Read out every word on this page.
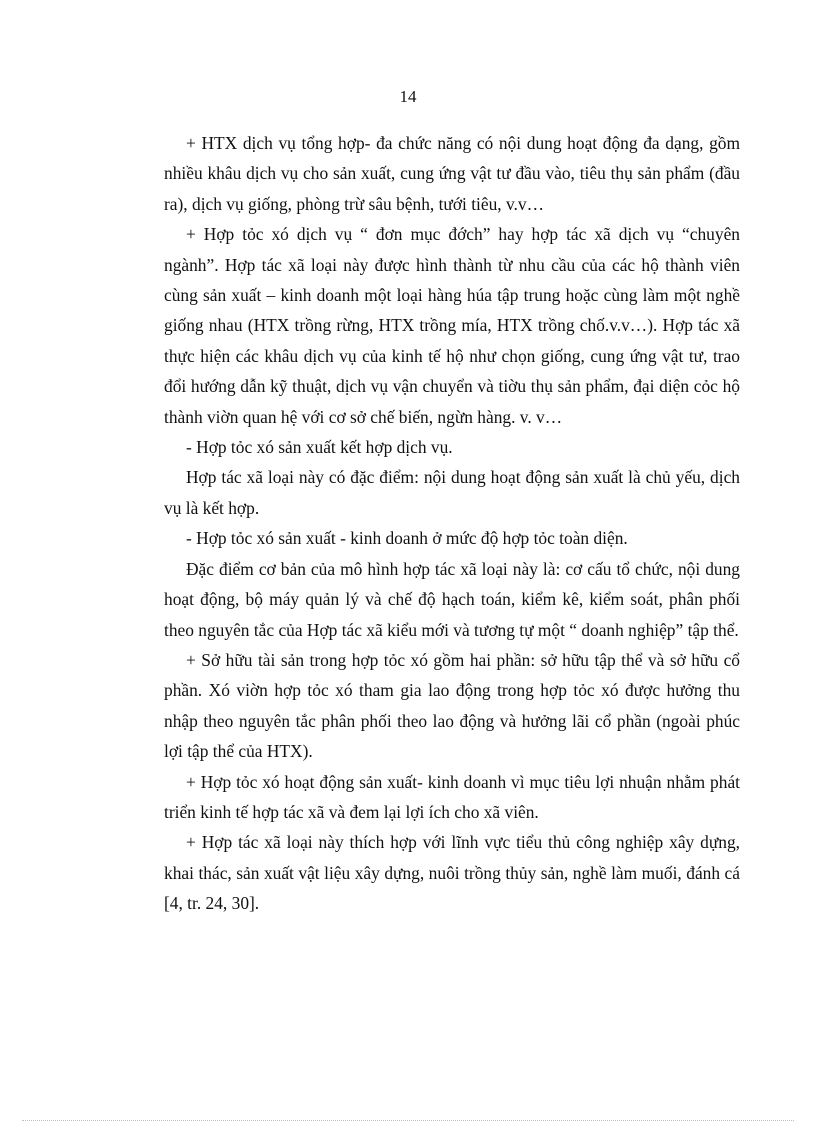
14

+ HTX dịch vụ tổng hợp- đa chức năng có nội dung hoạt động đa dạng, gồm nhiều khâu dịch vụ cho sản xuất, cung ứng vật tư đầu vào, tiêu thụ sản phẩm (đầu ra), dịch vụ giống, phòng trừ sâu bệnh, tưới tiêu, v.v…

+ Hợp tỏc xó dịch vụ “ đơn mục đớch” hay hợp tác xã dịch vụ “chuyên ngành”. Hợp tác xã loại này được hình thành từ nhu cầu của các hộ thành viên cùng sản xuất – kinh doanh một loại hàng húa tập trung hoặc cùng làm một nghề giống nhau (HTX trồng rừng, HTX trồng mía, HTX trồng chố.v.v…). Hợp tác xã thực hiện các khâu dịch vụ của kinh tế hộ như chọn giống, cung ứng vật tư, trao đổi hướng dẫn kỹ thuật, dịch vụ vận chuyển và tiờu thụ sản phẩm, đại diện cỏc hộ thành viờn quan hệ với cơ sở chế biến, ngừn hàng. v. v…

- Hợp tỏc xó sản xuất kết hợp dịch vụ.

Hợp tác xã loại này có đặc điểm: nội dung hoạt động sản xuất là chủ yếu, dịch vụ là kết hợp.

- Hợp tỏc xó sản xuất - kinh doanh ở mức độ hợp tỏc toàn diện.

Đặc điểm cơ bản của mô hình hợp tác xã loại này là: cơ cấu tổ chức, nội dung hoạt động, bộ máy quản lý và chế độ hạch toán, kiểm kê, kiểm soát, phân phối theo nguyên tắc của Hợp tác xã kiểu mới và tương tự một “ doanh nghiệp” tập thể.

+ Sở hữu tài sản trong hợp tỏc xó gồm hai phần: sở hữu tập thể và sở hữu cổ phần. Xó viờn hợp tỏc xó tham gia lao động trong hợp tỏc xó được hưởng thu nhập theo nguyên tắc phân phối theo lao động và hưởng lãi cổ phần (ngoài phúc lợi tập thể của HTX).

+ Hợp tỏc xó hoạt động sản xuất- kinh doanh vì mục tiêu lợi nhuận nhằm phát triển kinh tế hợp tác xã và đem lại lợi ích cho xã viên.

+ Hợp tác xã loại này thích hợp với lĩnh vực tiểu thủ công nghiệp xây dựng, khai thác, sản xuất vật liệu xây dựng, nuôi trồng thủy sản, nghề làm muối, đánh cá [4, tr. 24, 30].
